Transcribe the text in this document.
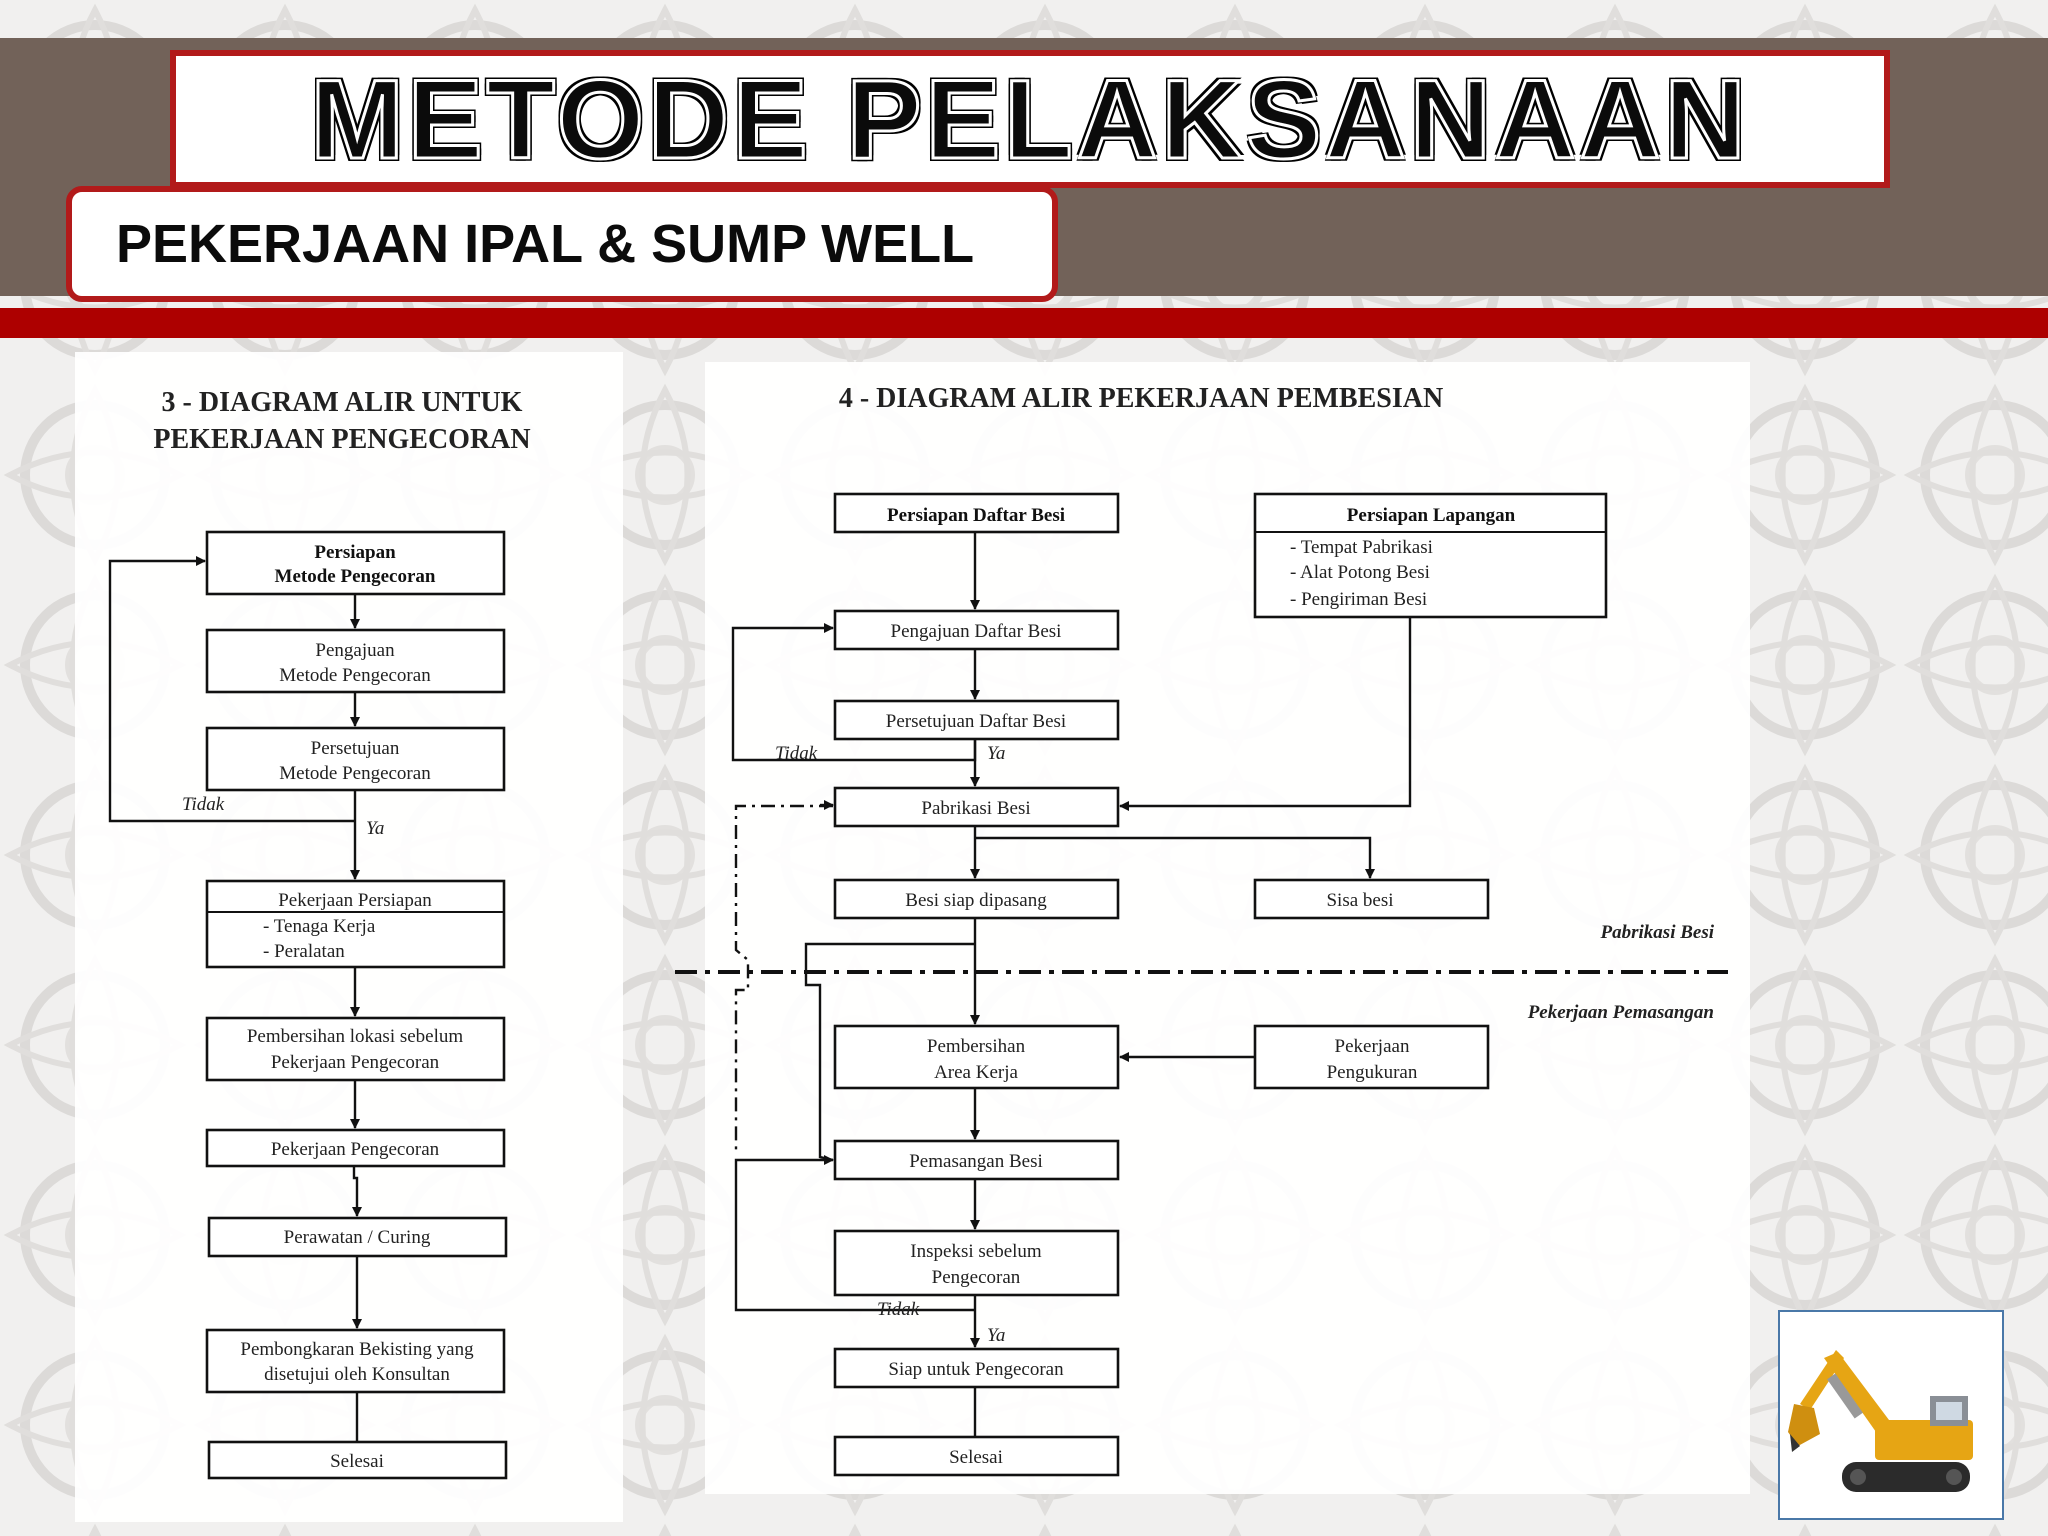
METODE PELAKSANAAN
PEKERJAAN IPAL & SUMP WELL
3 - DIAGRAM ALIR UNTUK
PEKERJAAN PENGECORAN
Persiapan
Metode Pengecoran
Pengajuan
Metode Pengecoran
Persetujuan
Metode Pengecoran
Pekerjaan Persiapan
- Tenaga Kerja
- Peralatan
Pembersihan lokasi sebelum
Pekerjaan Pengecoran
Pekerjaan Pengecoran
Perawatan / Curing
Pembongkaran Bekisting yang
disetujui oleh Konsultan
Selesai
Tidak
Ya
4 - DIAGRAM ALIR PEKERJAAN PEMBESIAN
Persiapan Daftar Besi	Persiapan Lapangan
- Tempat Pabrikasi
- Alat Potong Besi
- Pengiriman Besi
Pengajuan Daftar Besi
Persetujuan Daftar Besi
Pabrikasi Besi
Besi siap dipasang	Sisa besi
Pembersihan
Area Kerja
Pekerjaan
Pengukuran
Pemasangan Besi
Inspeksi sebelum
Pengecoran
Siap untuk Pengecoran
Selesai
Tidak	Ya
Tidak
Ya
Pabrikasi Besi
Pekerjaan Pemasangan
